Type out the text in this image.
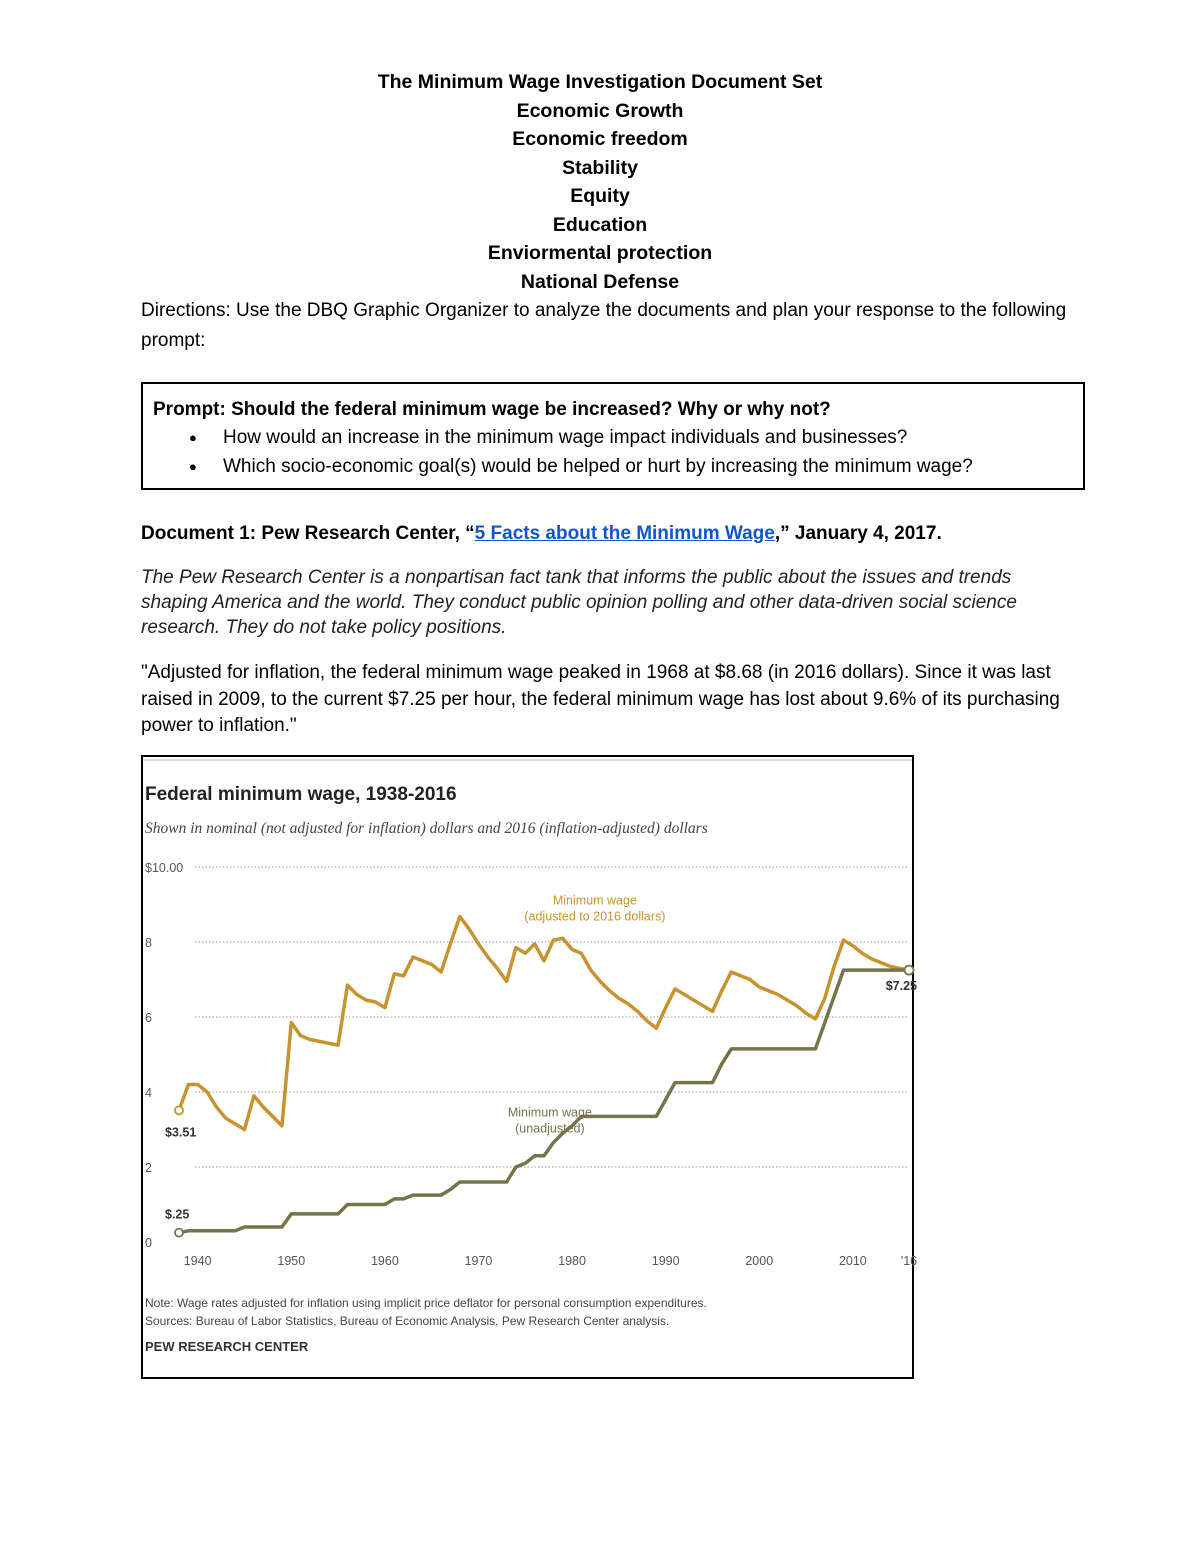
The Minimum Wage Investigation Document Set
Economic Growth
Economic freedom
Stability
Equity
Education
Enviormental protection
National Defense
Directions: Use the DBQ Graphic Organizer to analyze the documents and plan your response to the following prompt:
Prompt: Should the federal minimum wage be increased? Why or why not?
● How would an increase in the minimum wage impact individuals and businesses?
● Which socio-economic goal(s) would be helped or hurt by increasing the minimum wage?
Document 1: Pew Research Center, “5 Facts about the Minimum Wage,” January 4, 2017.
The Pew Research Center is a nonpartisan fact tank that informs the public about the issues and trends shaping America and the world. They conduct public opinion polling and other data-driven social science research. They do not take policy positions.
"Adjusted for inflation, the federal minimum wage peaked in 1968 at $8.68 (in 2016 dollars). Since it was last raised in 2009, to the current $7.25 per hour, the federal minimum wage has lost about 9.6% of its purchasing power to inflation."
Federal minimum wage, 1938-2016
Shown in nominal (not adjusted for inflation) dollars and 2016 (inflation-adjusted) dollars
0
2
4
6
8
$10.00
1940	1950	1960	1970	1980	1990	2000	2010	'16
$3.51
$.25
$7.25
Minimum wage
(adjusted to 2016 dollars)
Minimum wage
(unadjusted)
Note: Wage rates adjusted for inflation using implicit price deflator for personal consumption expenditures.
Sources: Bureau of Labor Statistics, Bureau of Economic Analysis, Pew Research Center analysis.
PEW RESEARCH CENTER
